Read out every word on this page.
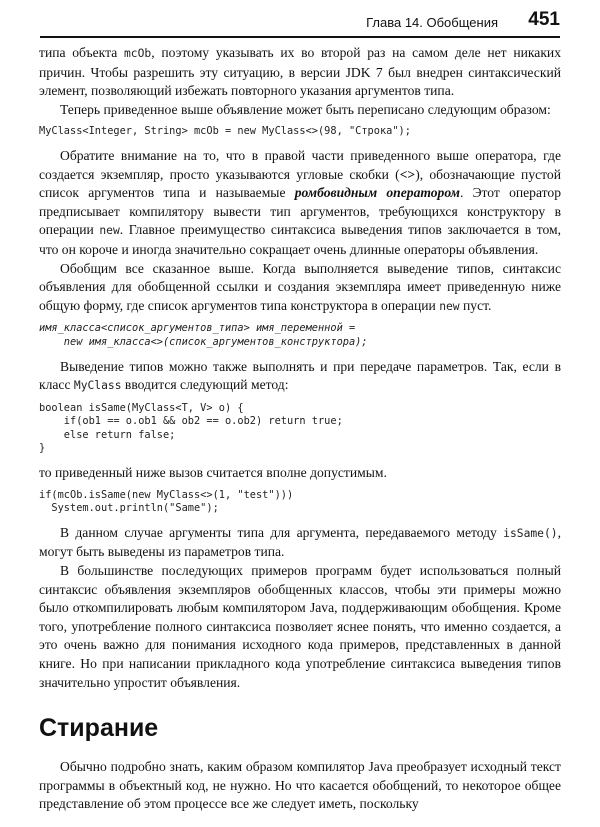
Глава 14. Обобщения 451

типа объекта mcOb, поэтому указывать их во второй раз на самом деле нет никаких причин. Чтобы разрешить эту ситуацию, в версии JDK 7 был внедрен синтаксический элемент, позволяющий избежать повторного указания аргументов типа.

Теперь приведенное выше объявление может быть переписано следующим образом:

MyClass<Integer, String> mcOb = new MyClass<>(98, "Строка");

Обратите внимание на то, что в правой части приведенного выше оператора, где создается экземпляр, просто указываются угловые скобки (<>), обозначающие пустой список аргументов типа и называемые ромбовидным оператором. Этот оператор предписывает компилятору вывести тип аргументов, требующихся конструктору в операции new. Главное преимущество синтаксиса выведения типов заключается в том, что он короче и иногда значительно сокращает очень длинные операторы объявления.

Обобщим все сказанное выше. Когда выполняется выведение типов, синтаксис объявления для обобщенной ссылки и создания экземпляра имеет приведенную ниже общую форму, где список аргументов типа конструктора в операции new пуст.

имя_класса<список_аргументов_типа> имя_переменной =
new имя_класса<>(список_аргументов_конструктора);

Выведение типов можно также выполнять и при передаче параметров. Так, если в класс MyClass вводится следующий метод:

boolean isSame(MyClass<T, V> o) {
if(ob1 == o.ob1 && ob2 == o.ob2) return true;
else return false;
}

то приведенный ниже вызов считается вполне допустимым.

if(mcOb.isSame(new MyClass<>(1, "test")))
System.out.println("Same");

В данном случае аргументы типа для аргумента, передаваемого методу isSame(), могут быть выведены из параметров типа.

В большинстве последующих примеров программ будет использоваться полный синтаксис объявления экземпляров обобщенных классов, чтобы эти примеры можно было откомпилировать любым компилятором Java, поддерживающим обобщения. Кроме того, употребление полного синтаксиса позволяет яснее понять, что именно создается, а это очень важно для понимания исходного кода примеров, представленных в данной книге. Но при написании прикладного кода употребление синтаксиса выведения типов значительно упростит объявления.

Стирание

Обычно подробно знать, каким образом компилятор Java преобразует исходный текст программы в объектный код, не нужно. Но что касается обобщений, то некоторое общее представление об этом процессе все же следует иметь, поскольку
